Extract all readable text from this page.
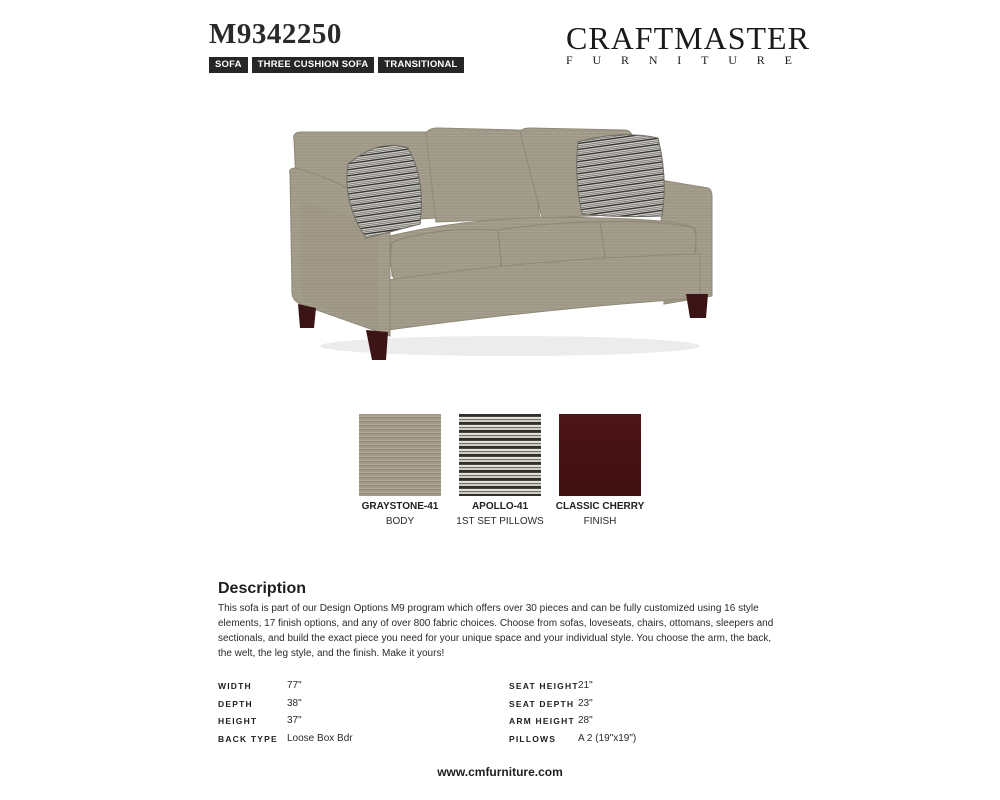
M9342250
SOFA	THREE CUSHION SOFA	TRANSITIONAL
CRAFTMASTER
F U R N I T U R E
GRAYSTONE-41
BODY
APOLLO-41
1ST SET PILLOWS
CLASSIC CHERRY
FINISH
Description
This sofa is part of our Design Options M9 program which offers over 30 pieces and can be fully customized using 16 style elements, 17 finish options, and any of over 800 fabric choices. Choose from sofas, loveseats, chairs, ottomans, sleepers and sectionals, and build the exact piece you need for your unique space and your individual style. You choose the arm, the back, the welt, the leg style, and the finish. Make it yours!
WIDTH	77"
DEPTH	38"
HEIGHT	37"
BACK TYPE Loose Box Bdr
SEAT HEIGHT 21"
SEAT DEPTH 23"
ARM HEIGHT 28"
PILLOWS A 2 (19"x19")
www.cmfurniture.com
